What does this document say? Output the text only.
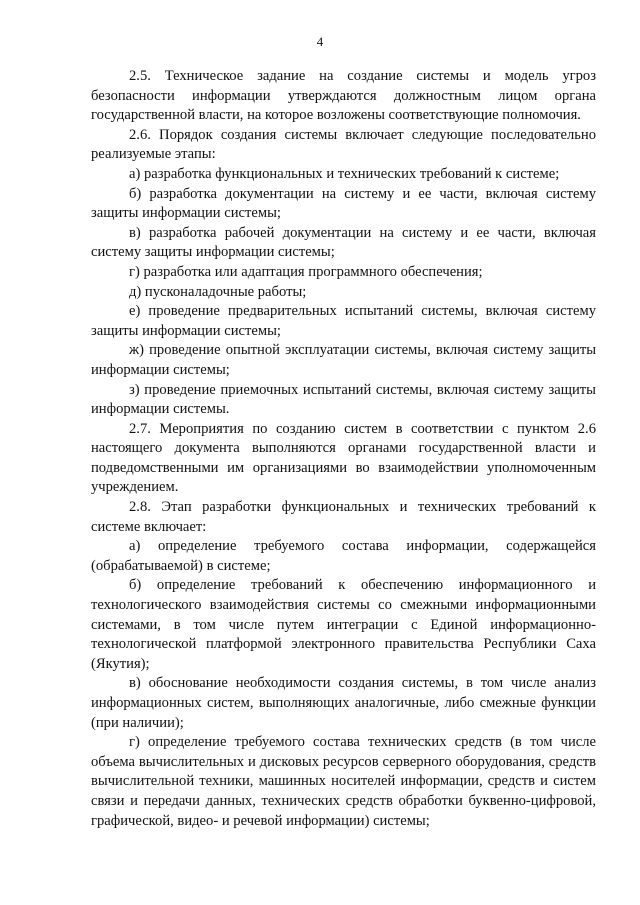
4

2.5. Техническое задание на создание системы и модель угроз безопасности информации утверждаются должностным лицом органа государственной власти, на которое возложены соответствующие полномочия.

2.6. Порядок создания системы включает следующие последовательно реализуемые этапы:

а) разработка функциональных и технических требований к системе;

б) разработка документации на систему и ее части, включая систему защиты информации системы;

в) разработка рабочей документации на систему и ее части, включая систему защиты информации системы;

г) разработка или адаптация программного обеспечения;

д) пусконаладочные работы;

е) проведение предварительных испытаний системы, включая систему защиты информации системы;

ж) проведение опытной эксплуатации системы, включая систему защиты информации системы;

з) проведение приемочных испытаний системы, включая систему защиты информации системы.

2.7. Мероприятия по созданию систем в соответствии с пунктом 2.6 настоящего документа выполняются органами государственной власти и подведомственными им организациями во взаимодействии уполномоченным учреждением.

2.8. Этап разработки функциональных и технических требований к системе включает:

а) определение требуемого состава информации, содержащейся (обрабатываемой) в системе;

б) определение требований к обеспечению информационного и технологического взаимодействия системы со смежными информационными системами, в том числе путем интеграции с Единой информационно-технологической платформой электронного правительства Республики Саха (Якутия);

в) обоснование необходимости создания системы, в том числе анализ информационных систем, выполняющих аналогичные, либо смежные функции (при наличии);

г) определение требуемого состава технических средств (в том числе объема вычислительных и дисковых ресурсов серверного оборудования, средств вычислительной техники, машинных носителей информации, средств и систем связи и передачи данных, технических средств обработки буквенно-цифровой, графической, видео- и речевой информации) системы;
